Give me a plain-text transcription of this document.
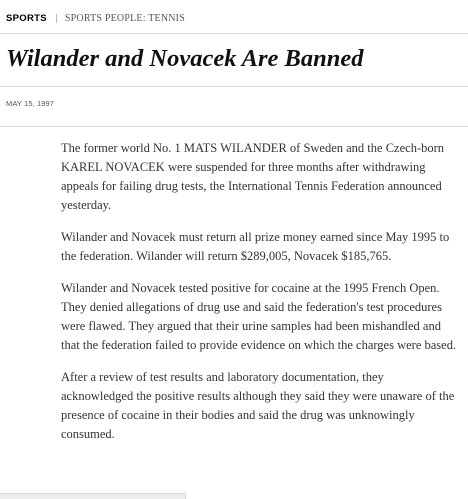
SPORTS SPORTS PEOPLE: TENNIS
Wilander and Novacek Are Banned
MAY 15, 1997

The former world No. 1 MATS WILANDER of Sweden and the Czech-born KAREL NOVACEK were suspended for three months after withdrawing appeals for failing drug tests, the International Tennis Federation announced yesterday.

Wilander and Novacek must return all prize money earned since May 1995 to the federation. Wilander will return $289,005, Novacek $185,765.

Wilander and Novacek tested positive for cocaine at the 1995 French Open. They denied allegations of drug use and said the federation's test procedures were flawed. They argued that their urine samples had been mishandled and that the federation failed to provide evidence on which the charges were based.

After a review of test results and laboratory documentation, they acknowledged the positive results although they said they were unaware of the presence of cocaine in their bodies and said the drug was unknowingly consumed.
